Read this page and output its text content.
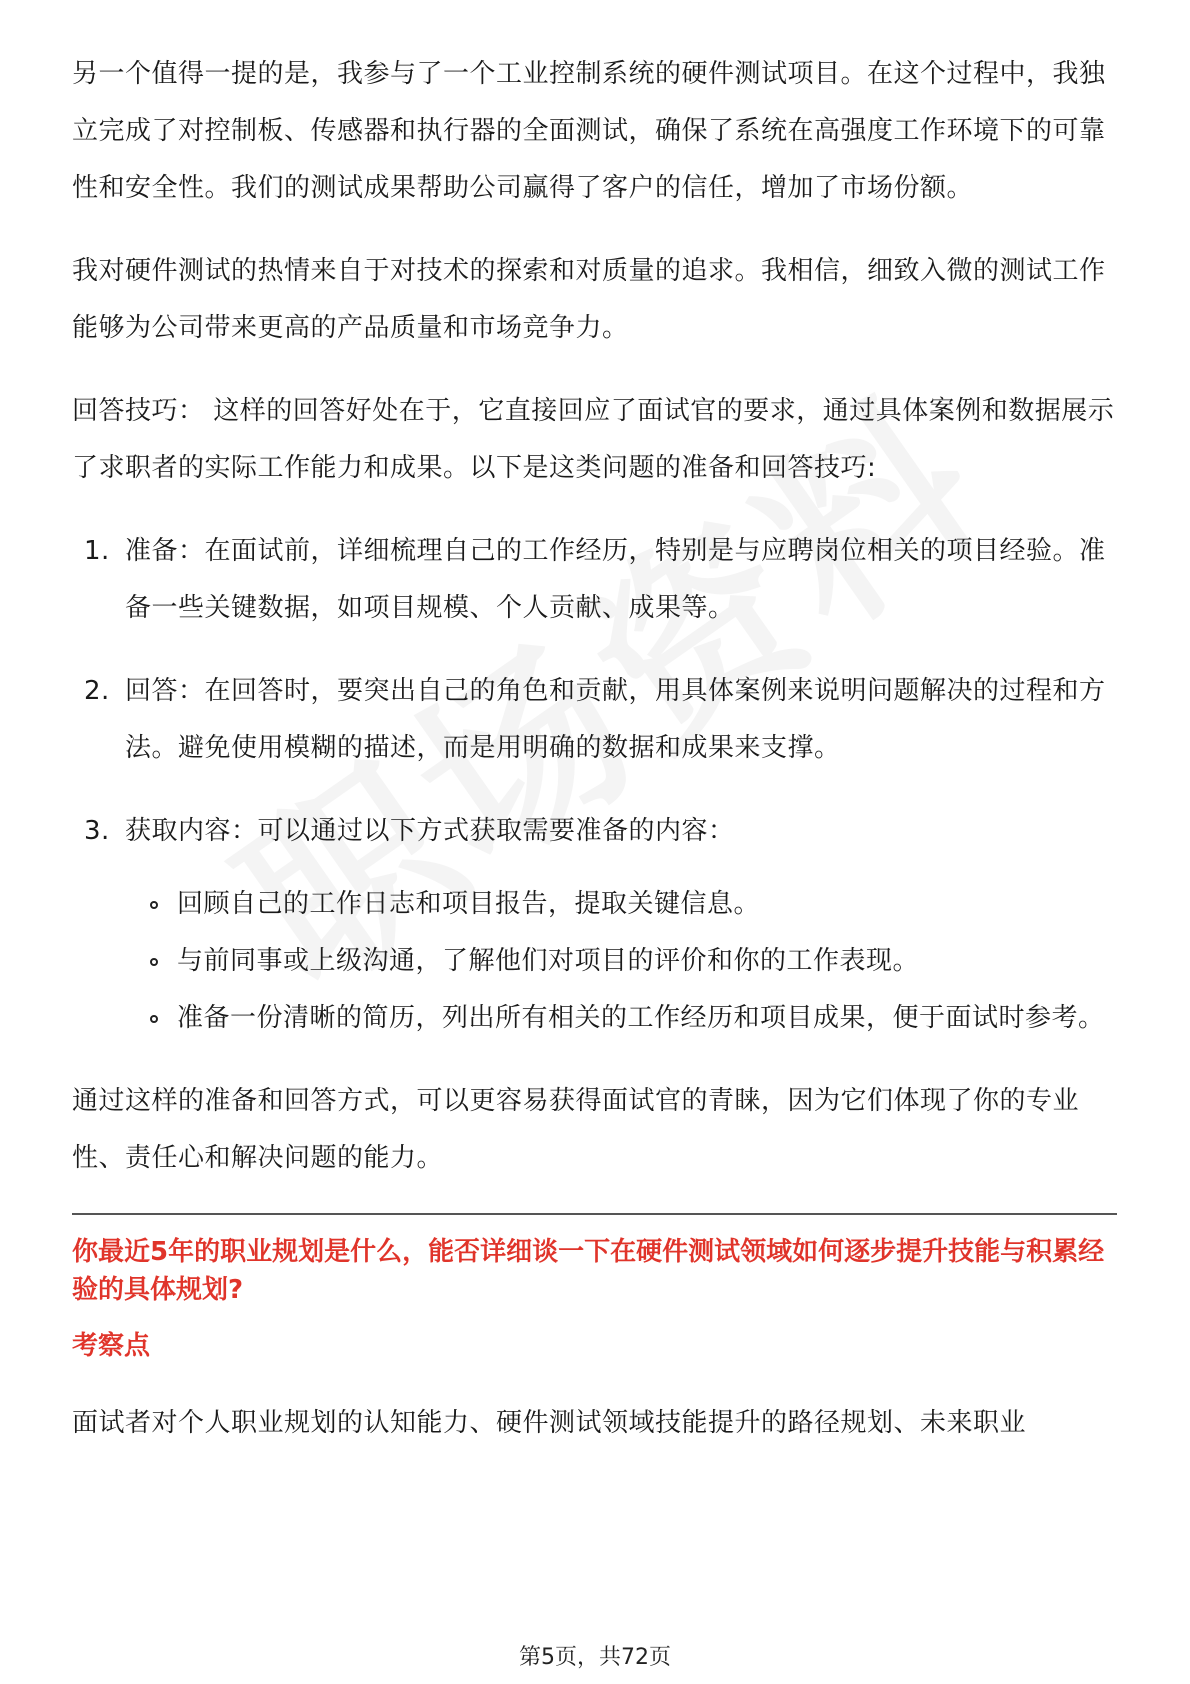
另一个值得一提的是，我参与了一个工业控制系统的硬件测试项目。在这个过程中，我独立完成了对控制板、传感器和执行器的全面测试，确保了系统在高强度工作环境下的可靠性和安全性。我们的测试成果帮助公司赢得了客户的信任，增加了市场份额。

我对硬件测试的热情来自于对技术的探索和对质量的追求。我相信，细致入微的测试工作能够为公司带来更高的产品质量和市场竞争力。

回答技巧： 这样的回答好处在于，它直接回应了面试官的要求，通过具体案例和数据展示了求职者的实际工作能力和成果。以下是这类问题的准备和回答技巧:

1. 准备：在面试前，详细梳理自己的工作经历，特别是与应聘岗位相关的项目经验。准备一些关键数据，如项目规模、个人贡献、成果等。
2. 回答：在回答时，要突出自己的角色和贡献，用具体案例来说明问题解决的过程和方法。避免使用模糊的描述，而是用明确的数据和成果来支撑。
3. 获取内容：可以通过以下方式获取需要准备的内容：
回顾自己的工作日志和项目报告，提取关键信息。
与前同事或上级沟通，了解他们对项目的评价和你的工作表现。
准备一份清晰的简历，列出所有相关的工作经历和项目成果，便于面试时参考。

通过这样的准备和回答方式，可以更容易获得面试官的青睐，因为它们体现了你的专业性、责任心和解决问题的能力。

你最近5年的职业规划是什么，能否详细谈一下在硬件测试领域如何逐步提升技能与积累经验的具体规划?
考察点

面试者对个人职业规划的认知能力、硬件测试领域技能提升的路径规划、未来职业

第5页，共72页
